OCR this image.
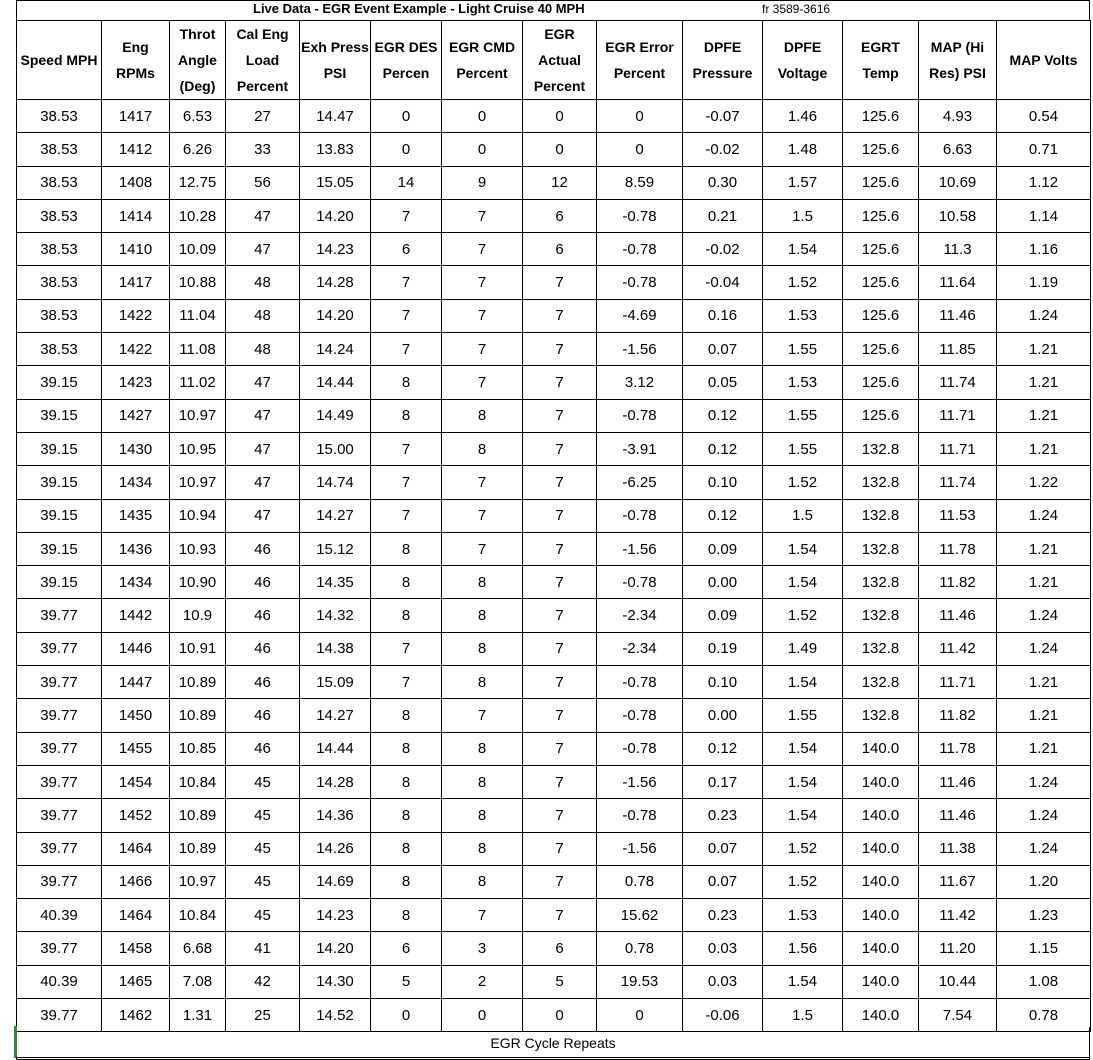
Live Data - EGR Event Example - Light Cruise 40 MPH	fr 3589-3616
Speed MPH	Eng RPMs	Throt Angle (Deg)	Cal Eng Load Percent	Exh Press PSI	EGR DES Percen	EGR CMD Percent	EGR Actual Percent	EGR Error Percent	DPFE Pressure	DPFE Voltage	EGRT Temp	MAP (Hi Res) PSI	MAP Volts
38.53	1417	6.53	27	14.47	0	0	0	0	-0.07	1.46	125.6	4.93	0.54
38.53	1412	6.26	33	13.83	0	0	0	0	-0.02	1.48	125.6	6.63	0.71
38.53	1408	12.75	56	15.05	14	9	12	8.59	0.30	1.57	125.6	10.69	1.12
38.53	1414	10.28	47	14.20	7	7	6	-0.78	0.21	1.5	125.6	10.58	1.14
38.53	1410	10.09	47	14.23	6	7	6	-0.78	-0.02	1.54	125.6	11.3	1.16
38.53	1417	10.88	48	14.28	7	7	7	-0.78	-0.04	1.52	125.6	11.64	1.19
38.53	1422	11.04	48	14.20	7	7	7	-4.69	0.16	1.53	125.6	11.46	1.24
38.53	1422	11.08	48	14.24	7	7	7	-1.56	0.07	1.55	125.6	11.85	1.21
39.15	1423	11.02	47	14.44	8	7	7	3.12	0.05	1.53	125.6	11.74	1.21
39.15	1427	10.97	47	14.49	8	8	7	-0.78	0.12	1.55	125.6	11.71	1.21
39.15	1430	10.95	47	15.00	7	8	7	-3.91	0.12	1.55	132.8	11.71	1.21
39.15	1434	10.97	47	14.74	7	7	7	-6.25	0.10	1.52	132.8	11.74	1.22
39.15	1435	10.94	47	14.27	7	7	7	-0.78	0.12	1.5	132.8	11.53	1.24
39.15	1436	10.93	46	15.12	8	7	7	-1.56	0.09	1.54	132.8	11.78	1.21
39.15	1434	10.90	46	14.35	8	8	7	-0.78	0.00	1.54	132.8	11.82	1.21
39.77	1442	10.9	46	14.32	8	8	7	-2.34	0.09	1.52	132.8	11.46	1.24
39.77	1446	10.91	46	14.38	7	8	7	-2.34	0.19	1.49	132.8	11.42	1.24
39.77	1447	10.89	46	15.09	7	8	7	-0.78	0.10	1.54	132.8	11.71	1.21
39.77	1450	10.89	46	14.27	8	7	7	-0.78	0.00	1.55	132.8	11.82	1.21
39.77	1455	10.85	46	14.44	8	8	7	-0.78	0.12	1.54	140.0	11.78	1.21
39.77	1454	10.84	45	14.28	8	8	7	-1.56	0.17	1.54	140.0	11.46	1.24
39.77	1452	10.89	45	14.36	8	8	7	-0.78	0.23	1.54	140.0	11.46	1.24
39.77	1464	10.89	45	14.26	8	8	7	-1.56	0.07	1.52	140.0	11.38	1.24
39.77	1466	10.97	45	14.69	8	8	7	0.78	0.07	1.52	140.0	11.67	1.20
40.39	1464	10.84	45	14.23	8	7	7	15.62	0.23	1.53	140.0	11.42	1.23
39.77	1458	6.68	41	14.20	6	3	6	0.78	0.03	1.56	140.0	11.20	1.15
40.39	1465	7.08	42	14.30	5	2	5	19.53	0.03	1.54	140.0	10.44	1.08
39.77	1462	1.31	25	14.52	0	0	0	0	-0.06	1.5	140.0	7.54	0.78
EGR Cycle Repeats
